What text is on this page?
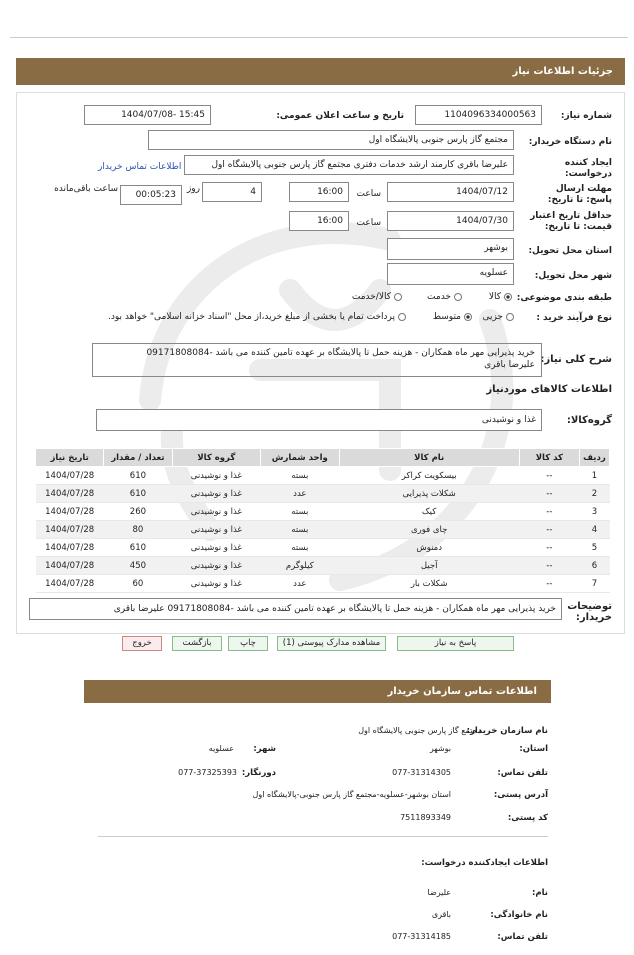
جزئیات اطلاعات نیاز
شماره نیاز:
1104096334000563
تاریخ و ساعت اعلان عمومی:
1404/07/08- 15:45
نام دستگاه خریدار:
مجتمع گاز پارس جنوبی پالایشگاه اول
ایجاد کننده درخواست:
علیرضا باقری کارمند ارشد خدمات دفتری مجتمع گاز پارس جنوبی پالایشگاه اول
اطلاعات تماس خریدار
مهلت ارسال پاسخ: تا تاریخ:
1404/07/12
ساعت
16:00
4
روز
00:05:23
ساعت باقی‌مانده
حداقل تاریخ اعتبار قیمت: تا تاریخ:
1404/07/30
ساعت
16:00
استان محل تحویل:
بوشهر
شهر محل تحویل:
عسلویه
طبقه بندی موضوعی:
کالا
خدمت
کالا/خدمت
نوع فرآیند خرید :
جزیی
متوسط
پرداخت تمام یا بخشی از مبلغ خرید،از محل "اسناد خزانه اسلامی" خواهد بود.
شرح کلی نیاز:
خرید پذیرایی مهر ماه همکاران - هزینه حمل تا پالایشگاه بر عهده تامین کننده می باشد -09171808084
علیرضا باقری
اطلاعات کالاهای موردنیاز
گروه‌کالا:
غذا و نوشیدنی
ردیف	کد کالا	نام کالا	واحد شمارش	گروه کالا	تعداد / مقدار	تاریخ نیاز
1	--	بیسکویت کراکر	بسته	غذا و نوشیدنی	610	1404/07/28
2	--	شکلات پذیرایی	عدد	غذا و نوشیدنی	610	1404/07/28
3	--	کیک	بسته	غذا و نوشیدنی	260	1404/07/28
4	--	چای فوری	بسته	غذا و نوشیدنی	80	1404/07/28
5	--	دمنوش	بسته	غذا و نوشیدنی	610	1404/07/28
6	--	آجیل	کیلوگرم	غذا و نوشیدنی	450	1404/07/28
7	--	شکلات بار	عدد	غذا و نوشیدنی	60	1404/07/28
توضیحات خریدار:
خرید پذیرایی مهر ماه همکاران - هزینه حمل تا پالایشگاه بر عهده تامین کننده می باشد -09171808084 علیرضا باقری
پاسخ به نیاز
مشاهده مدارک پیوستی (1)
چاپ
بازگشت
خروج
اطلاعات تماس سازمان خریدار
نام سازمان خریدار:
مجتمع گاز پارس جنوبی پالایشگاه اول
استان:
بوشهر
شهر:
عسلویه
تلفن تماس:
077-31314305
دورنگار:
077-37325393
آدرس پستی:
استان بوشهر-عسلویه-مجتمع گاز پارس جنوبی-پالایشگاه اول
کد پستی:
7511893349
اطلاعات ایجادکننده درخواست:
نام:
علیرضا
نام خانوادگی:
باقری
تلفن تماس:
077-31314185
